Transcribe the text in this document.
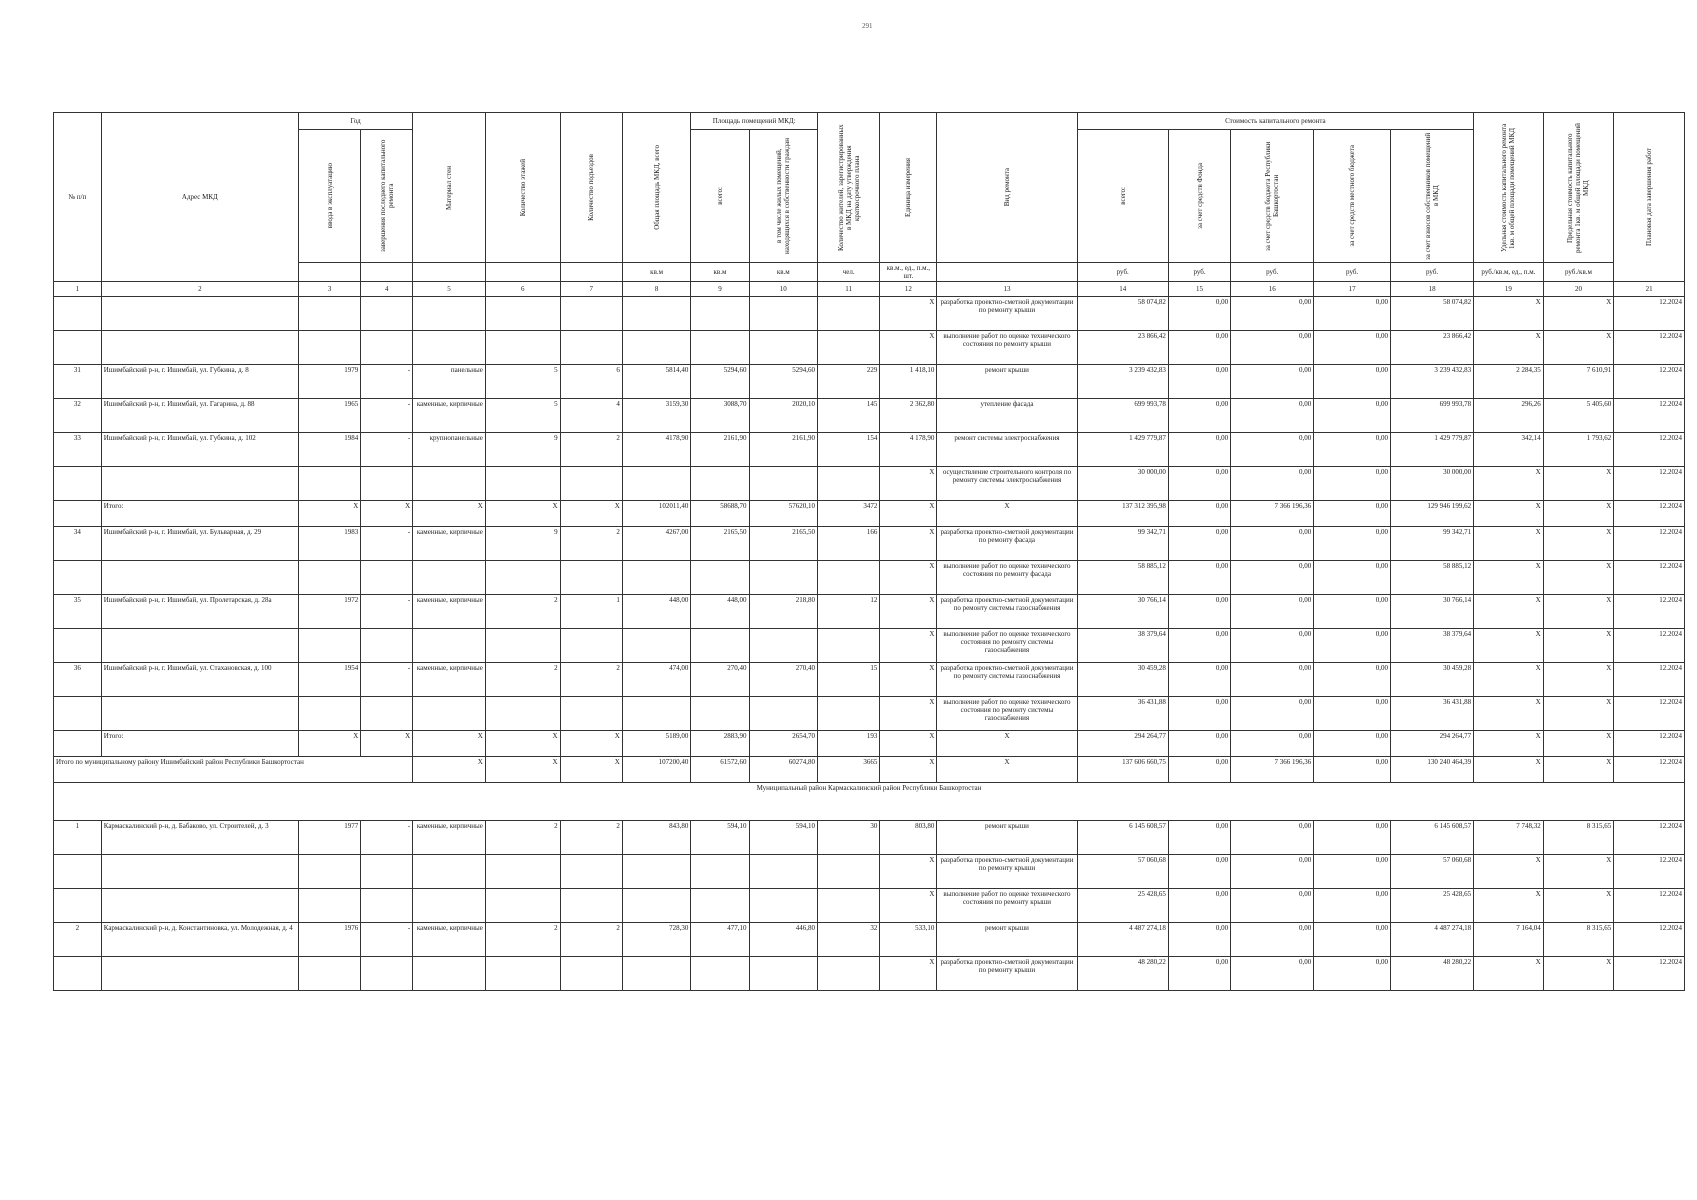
291
№ п/п	Адрес МКД	Год		Материал стен	Количество этажей	Количество подъездов	Общая площадь МКД, всего	Площадь помещений МКД:		Количество жителей, зарегистрированных в МКД на дату утверждения краткосрочного плана	Единица измерения	Вид ремонта	Стоимость капитального ремонта					Удельная стоимость капитального ремонта 1кв. м общей площади помещений МКД	Предельная стоимость капитального ремонта 1кв. м общей площади помещений МКД	Плановая дата завершения работ

		ввода в эксплуатацию	завершения последнего капитального ремонта					всего:	в том числе жилых помещений, находящихся в собственности граждан				всего:	за счет средств Фонда	за счет средств бюджета Республики Башкортостан	за счет средств местного бюджета	за счет взносов собственников помещений в МКД			

							кв.м	кв.м	кв.м	чел.	кв.м., ед., п.м., шт.		руб.	руб.	руб.	руб.	руб.	руб./кв.м, ед., п.м.	руб./кв.м	
1	2	3	4	5	6	7	8	9	10	11	12	13	14	15	16	17	18	19	20	21
											X	разработка проектно-сметной документации по ремонту крыши	58 074,82	0,00	0,00	0,00	58 074,82	X	X	12.2024
											X	выполнение работ по оценке технического состояния по ремонту крыши	23 866,42	0,00	0,00	0,00	23 866,42	X	X	12.2024
31	Ишимбайский р-н, г. Ишимбай, ул. Губкина, д. 8	1979	-	панельные	5	6	5814,40	5294,60	5294,60	229	1 418,10	ремонт крыши	3 239 432,83	0,00	0,00	0,00	3 239 432,83	2 284,35	7 610,91	12.2024
32	Ишимбайский р-н, г. Ишимбай, ул. Гагарина, д. 88	1965	-	каменные, кирпичные	5	4	3159,30	3088,70	2020,10	145	2 362,80	утепление фасада	699 993,78	0,00	0,00	0,00	699 993,78	296,26	5 405,60	12.2024
33	Ишимбайский р-н, г. Ишимбай, ул. Губкина, д. 102	1984	-	крупнопанельные	9	2	4178,90	2161,90	2161,90	154	4 178,90	ремонт системы электроснабжения	1 429 779,87	0,00	0,00	0,00	1 429 779,87	342,14	1 793,62	12.2024
											X	осуществление строительного контроля по ремонту системы электроснабжения	30 000,00	0,00	0,00	0,00	30 000,00	X	X	12.2024
	Итого:	X	X	X	X	X	102011,40	58688,70	57620,10	3472	X	X	137 312 395,98	0,00	7 366 196,36	0,00	129 946 199,62	X	X	12.2024
34	Ишимбайский р-н, г. Ишимбай, ул. Бульварная, д. 29	1983	-	каменные, кирпичные	9	2	4267,00	2165,50	2165,50	166	X	разработка проектно-сметной документации по ремонту фасада	99 342,71	0,00	0,00	0,00	99 342,71	X	X	12.2024
											X	выполнение работ по оценке технического состояния по ремонту фасада	58 885,12	0,00	0,00	0,00	58 885,12	X	X	12.2024
35	Ишимбайский р-н, г. Ишимбай, ул. Пролетарская, д. 28а	1972	-	каменные, кирпичные	2	1	448,00	448,00	218,80	12	X	разработка проектно-сметной документации по ремонту системы газоснабжения	30 766,14	0,00	0,00	0,00	30 766,14	X	X	12.2024
											X	выполнение работ по оценке технического состояния по ремонту системы газоснабжения	38 379,64	0,00	0,00	0,00	38 379,64	X	X	12.2024
36	Ишимбайский р-н, г. Ишимбай, ул. Стахановская, д. 100	1954	-	каменные, кирпичные	2	2	474,00	270,40	270,40	15	X	разработка проектно-сметной документации по ремонту системы газоснабжения	30 459,28	0,00	0,00	0,00	30 459,28	X	X	12.2024
											X	выполнение работ по оценке технического состояния по ремонту системы газоснабжения	36 431,88	0,00	0,00	0,00	36 431,88	X	X	12.2024
	Итого:	X	X	X	X	X	5189,00	2883,90	2654,70	193	X	X	294 264,77	0,00	0,00	0,00	294 264,77	X	X	12.2024
Итого по муниципальному району Ишимбайский район Республики Башкортостан				X	X	X	107200,40	61572,60	60274,80	3665	X	X	137 606 660,75	0,00	7 366 196,36	0,00	130 240 464,39	X	X	12.2024
Муниципальный район Кармаскалинский район Республики Башкортостан																				
1	Кармаскалинский р-н, д. Бабаково, ул. Строителей, д. 3	1977	-	каменные, кирпичные	2	2	843,80	594,10	594,10	30	803,80	ремонт крыши	6 145 608,57	0,00	0,00	0,00	6 145 608,57	7 748,32	8 315,65	12.2024
											X	разработка проектно-сметной документации по ремонту крыши	57 060,68	0,00	0,00	0,00	57 060,68	X	X	12.2024
											X	выполнение работ по оценке технического состояния по ремонту крыши	25 428,65	0,00	0,00	0,00	25 428,65	X	X	12.2024
2	Кармаскалинский р-н, д. Константиновка, ул. Молодежная, д. 4	1976	-	каменные, кирпичные	2	2	728,30	477,10	446,80	32	533,10	ремонт крыши	4 487 274,18	0,00	0,00	0,00	4 487 274,18	7 164,04	8 315,65	12.2024
											X	разработка проектно-сметной документации по ремонту крыши	48 280,22	0,00	0,00	0,00	48 280,22	X	X	12.2024
